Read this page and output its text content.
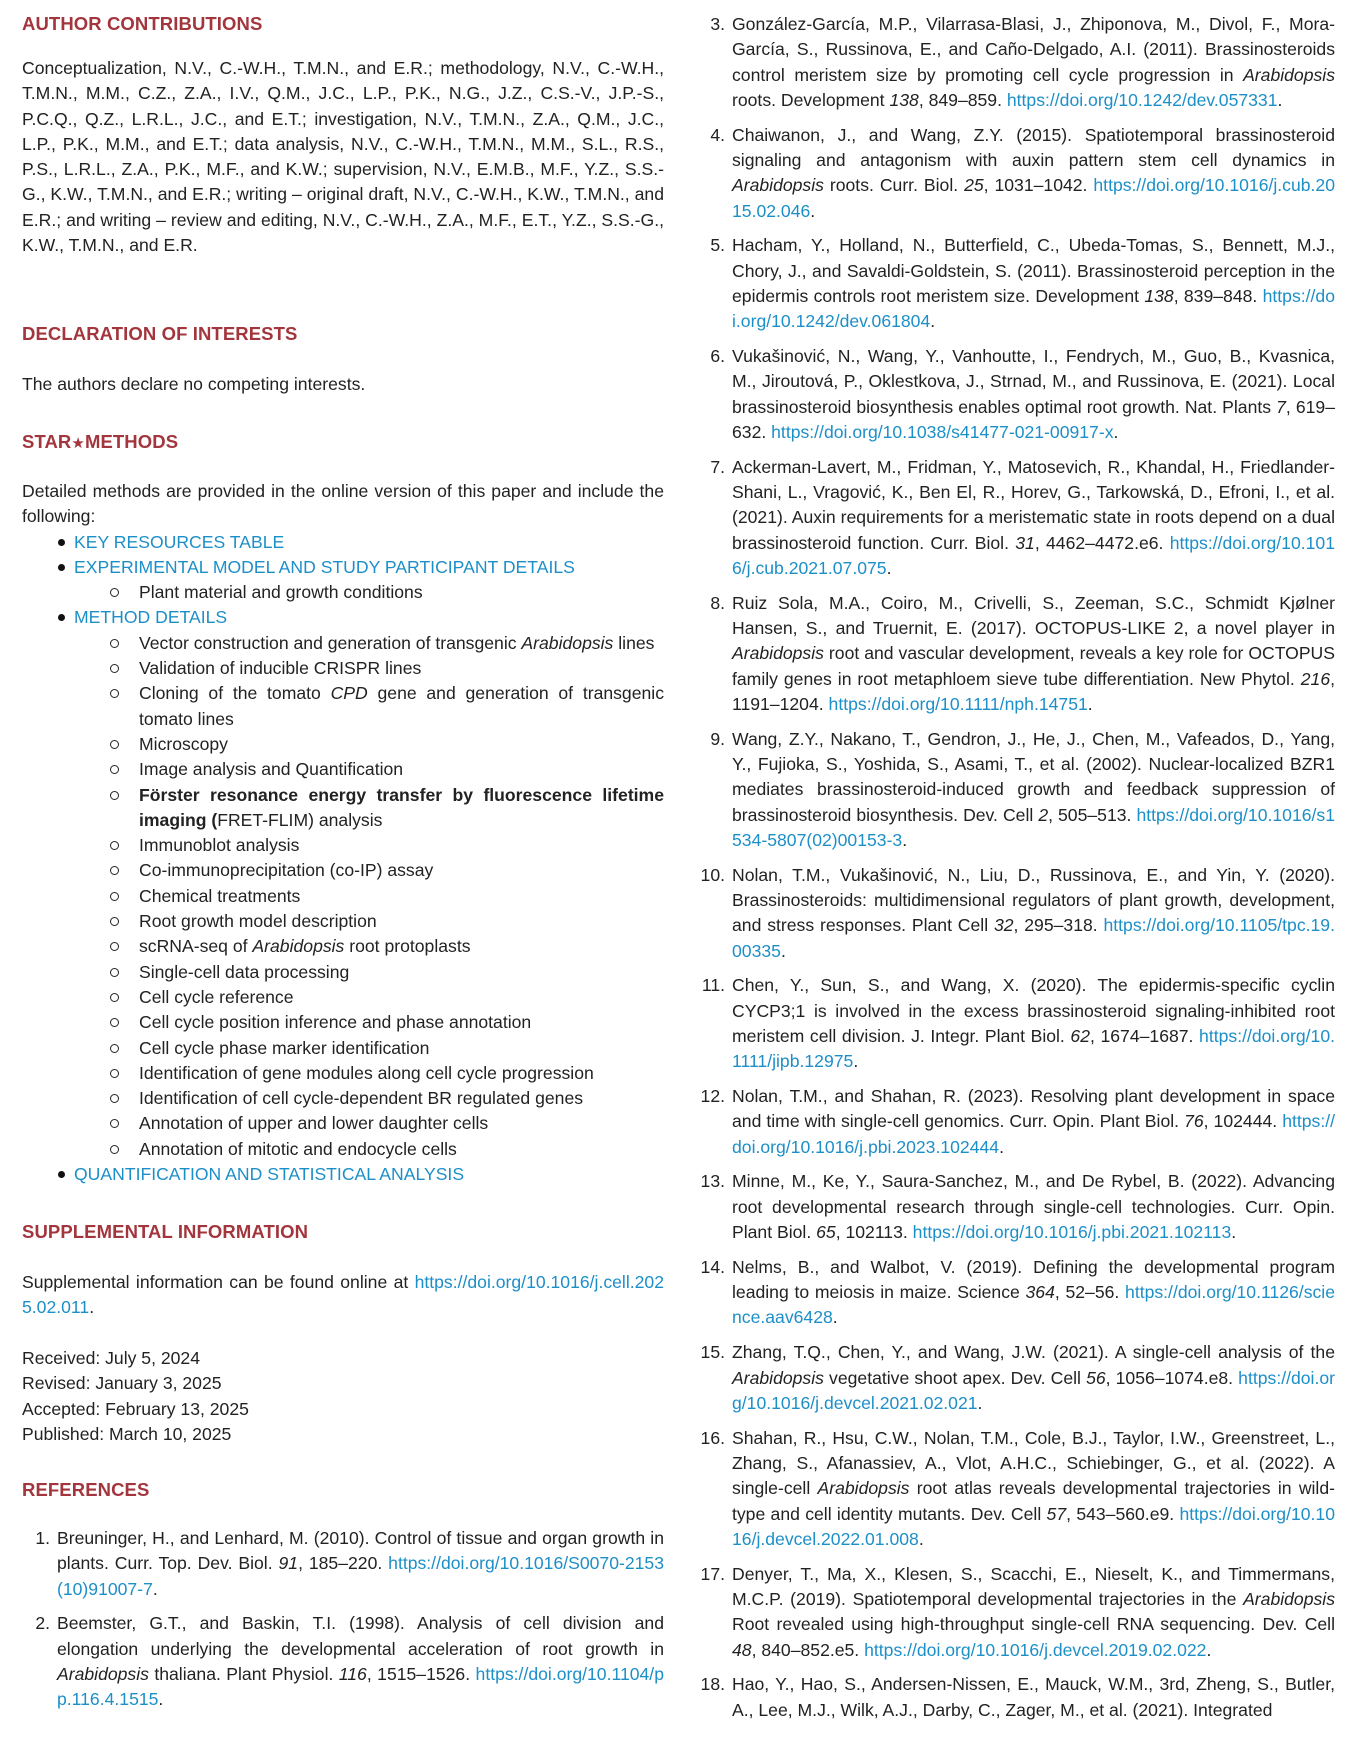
AUTHOR CONTRIBUTIONS

Conceptualization, N.V., C.-W.H., T.M.N., and E.R.; methodology, N.V., C.-W.H., T.M.N., M.M., C.Z., Z.A., I.V., Q.M., J.C., L.P., P.K., N.G., J.Z., C.S.-V., J.P.-S., P.C.Q., Q.Z., L.R.L., J.C., and E.T.; investigation, N.V., T.M.N., Z.A., Q.M., J.C., L.P., P.K., M.M., and E.T.; data analysis, N.V., C.-W.H., T.M.N., M.M., S.L., R.S., P.S., L.R.L., Z.A., P.K., M.F., and K.W.; supervision, N.V., E.M.B., M.F., Y.Z., S.S.-G., K.W., T.M.N., and E.R.; writing – original draft, N.V., C.-W.H., K.W., T.M.N., and E.R.; and writing – review and editing, N.V., C.-W.H., Z.A., M.F., E.T., Y.Z., S.S.-G., K.W., T.M.N., and E.R.

DECLARATION OF INTERESTS

The authors declare no competing interests.

STAR★METHODS

Detailed methods are provided in the online version of this paper and include the following:

KEY RESOURCES TABLE
EXPERIMENTAL MODEL AND STUDY PARTICIPANT DETAILS
Plant material and growth conditions
METHOD DETAILS
Vector construction and generation of transgenic Arabidopsis lines
Validation of inducible CRISPR lines
Cloning of the tomato CPD gene and generation of transgenic tomato lines
Microscopy
Image analysis and Quantification
Förster resonance energy transfer by fluorescence lifetime imaging (FRET-FLIM) analysis
Immunoblot analysis
Co-immunoprecipitation (co-IP) assay
Chemical treatments
Root growth model description
scRNA-seq of Arabidopsis root protoplasts
Single-cell data processing
Cell cycle reference
Cell cycle position inference and phase annotation
Cell cycle phase marker identification
Identification of gene modules along cell cycle progression
Identification of cell cycle-dependent BR regulated genes
Annotation of upper and lower daughter cells
Annotation of mitotic and endocycle cells
QUANTIFICATION AND STATISTICAL ANALYSIS
SUPPLEMENTAL INFORMATION

Supplemental information can be found online at https://doi.org/10.1016/j.cell.2025.02.011.

Received: July 5, 2024
Revised: January 3, 2025
Accepted: February 13, 2025
Published: March 10, 2025
REFERENCES
1. Breuninger, H., and Lenhard, M. (2010). Control of tissue and organ growth in plants. Curr. Top. Dev. Biol. 91, 185–220. https://doi.org/10.1016/S0070-2153(10)91007-7.
2. Beemster, G.T., and Baskin, T.I. (1998). Analysis of cell division and elongation underlying the developmental acceleration of root growth in Arabidopsis thaliana. Plant Physiol. 116, 1515–1526. https://doi.org/10.1104/pp.116.4.1515.
3. González-García, M.P., Vilarrasa-Blasi, J., Zhiponova, M., Divol, F., Mora-García, S., Russinova, E., and Caño-Delgado, A.I. (2011). Brassinosteroids control meristem size by promoting cell cycle progression in Arabidopsis roots. Development 138, 849–859. https://doi.org/10.1242/dev.057331.
4. Chaiwanon, J., and Wang, Z.Y. (2015). Spatiotemporal brassinosteroid signaling and antagonism with auxin pattern stem cell dynamics in Arabidopsis roots. Curr. Biol. 25, 1031–1042. https://doi.org/10.1016/j.cub.2015.02.046.
5. Hacham, Y., Holland, N., Butterfield, C., Ubeda-Tomas, S., Bennett, M.J., Chory, J., and Savaldi-Goldstein, S. (2011). Brassinosteroid perception in the epidermis controls root meristem size. Development 138, 839–848. https://doi.org/10.1242/dev.061804.
6. Vukašinović, N., Wang, Y., Vanhoutte, I., Fendrych, M., Guo, B., Kvasnica, M., Jiroutová, P., Oklestkova, J., Strnad, M., and Russinova, E. (2021). Local brassinosteroid biosynthesis enables optimal root growth. Nat. Plants 7, 619–632. https://doi.org/10.1038/s41477-021-00917-x.
7. Ackerman-Lavert, M., Fridman, Y., Matosevich, R., Khandal, H., Friedlander-Shani, L., Vragović, K., Ben El, R., Horev, G., Tarkowská, D., Efroni, I., et al. (2021). Auxin requirements for a meristematic state in roots depend on a dual brassinosteroid function. Curr. Biol. 31, 4462–4472.e6. https://doi.org/10.1016/j.cub.2021.07.075.
8. Ruiz Sola, M.A., Coiro, M., Crivelli, S., Zeeman, S.C., Schmidt Kjølner Hansen, S., and Truernit, E. (2017). OCTOPUS-LIKE 2, a novel player in Arabidopsis root and vascular development, reveals a key role for OCTOPUS family genes in root metaphloem sieve tube differentiation. New Phytol. 216, 1191–1204. https://doi.org/10.1111/nph.14751.
9. Wang, Z.Y., Nakano, T., Gendron, J., He, J., Chen, M., Vafeados, D., Yang, Y., Fujioka, S., Yoshida, S., Asami, T., et al. (2002). Nuclear-localized BZR1 mediates brassinosteroid-induced growth and feedback suppression of brassinosteroid biosynthesis. Dev. Cell 2, 505–513. https://doi.org/10.1016/s1534-5807(02)00153-3.
10. Nolan, T.M., Vukašinović, N., Liu, D., Russinova, E., and Yin, Y. (2020). Brassinosteroids: multidimensional regulators of plant growth, development, and stress responses. Plant Cell 32, 295–318. https://doi.org/10.1105/tpc.19.00335.
11. Chen, Y., Sun, S., and Wang, X. (2020). The epidermis-specific cyclin CYCP3;1 is involved in the excess brassinosteroid signaling-inhibited root meristem cell division. J. Integr. Plant Biol. 62, 1674–1687. https://doi.org/10.1111/jipb.12975.
12. Nolan, T.M., and Shahan, R. (2023). Resolving plant development in space and time with single-cell genomics. Curr. Opin. Plant Biol. 76, 102444. https://doi.org/10.1016/j.pbi.2023.102444.
13. Minne, M., Ke, Y., Saura-Sanchez, M., and De Rybel, B. (2022). Advancing root developmental research through single-cell technologies. Curr. Opin. Plant Biol. 65, 102113. https://doi.org/10.1016/j.pbi.2021.102113.
14. Nelms, B., and Walbot, V. (2019). Defining the developmental program leading to meiosis in maize. Science 364, 52–56. https://doi.org/10.1126/science.aav6428.
15. Zhang, T.Q., Chen, Y., and Wang, J.W. (2021). A single-cell analysis of the Arabidopsis vegetative shoot apex. Dev. Cell 56, 1056–1074.e8. https://doi.org/10.1016/j.devcel.2021.02.021.
16. Shahan, R., Hsu, C.W., Nolan, T.M., Cole, B.J., Taylor, I.W., Greenstreet, L., Zhang, S., Afanassiev, A., Vlot, A.H.C., Schiebinger, G., et al. (2022). A single-cell Arabidopsis root atlas reveals developmental trajectories in wild-type and cell identity mutants. Dev. Cell 57, 543–560.e9. https://doi.org/10.1016/j.devcel.2022.01.008.
17. Denyer, T., Ma, X., Klesen, S., Scacchi, E., Nieselt, K., and Timmermans, M.C.P. (2019). Spatiotemporal developmental trajectories in the Arabidopsis Root revealed using high-throughput single-cell RNA sequencing. Dev. Cell 48, 840–852.e5. https://doi.org/10.1016/j.devcel.2019.02.022.
18. Hao, Y., Hao, S., Andersen-Nissen, E., Mauck, W.M., 3rd, Zheng, S., Butler, A., Lee, M.J., Wilk, A.J., Darby, C., Zager, M., et al. (2021). Integrated
